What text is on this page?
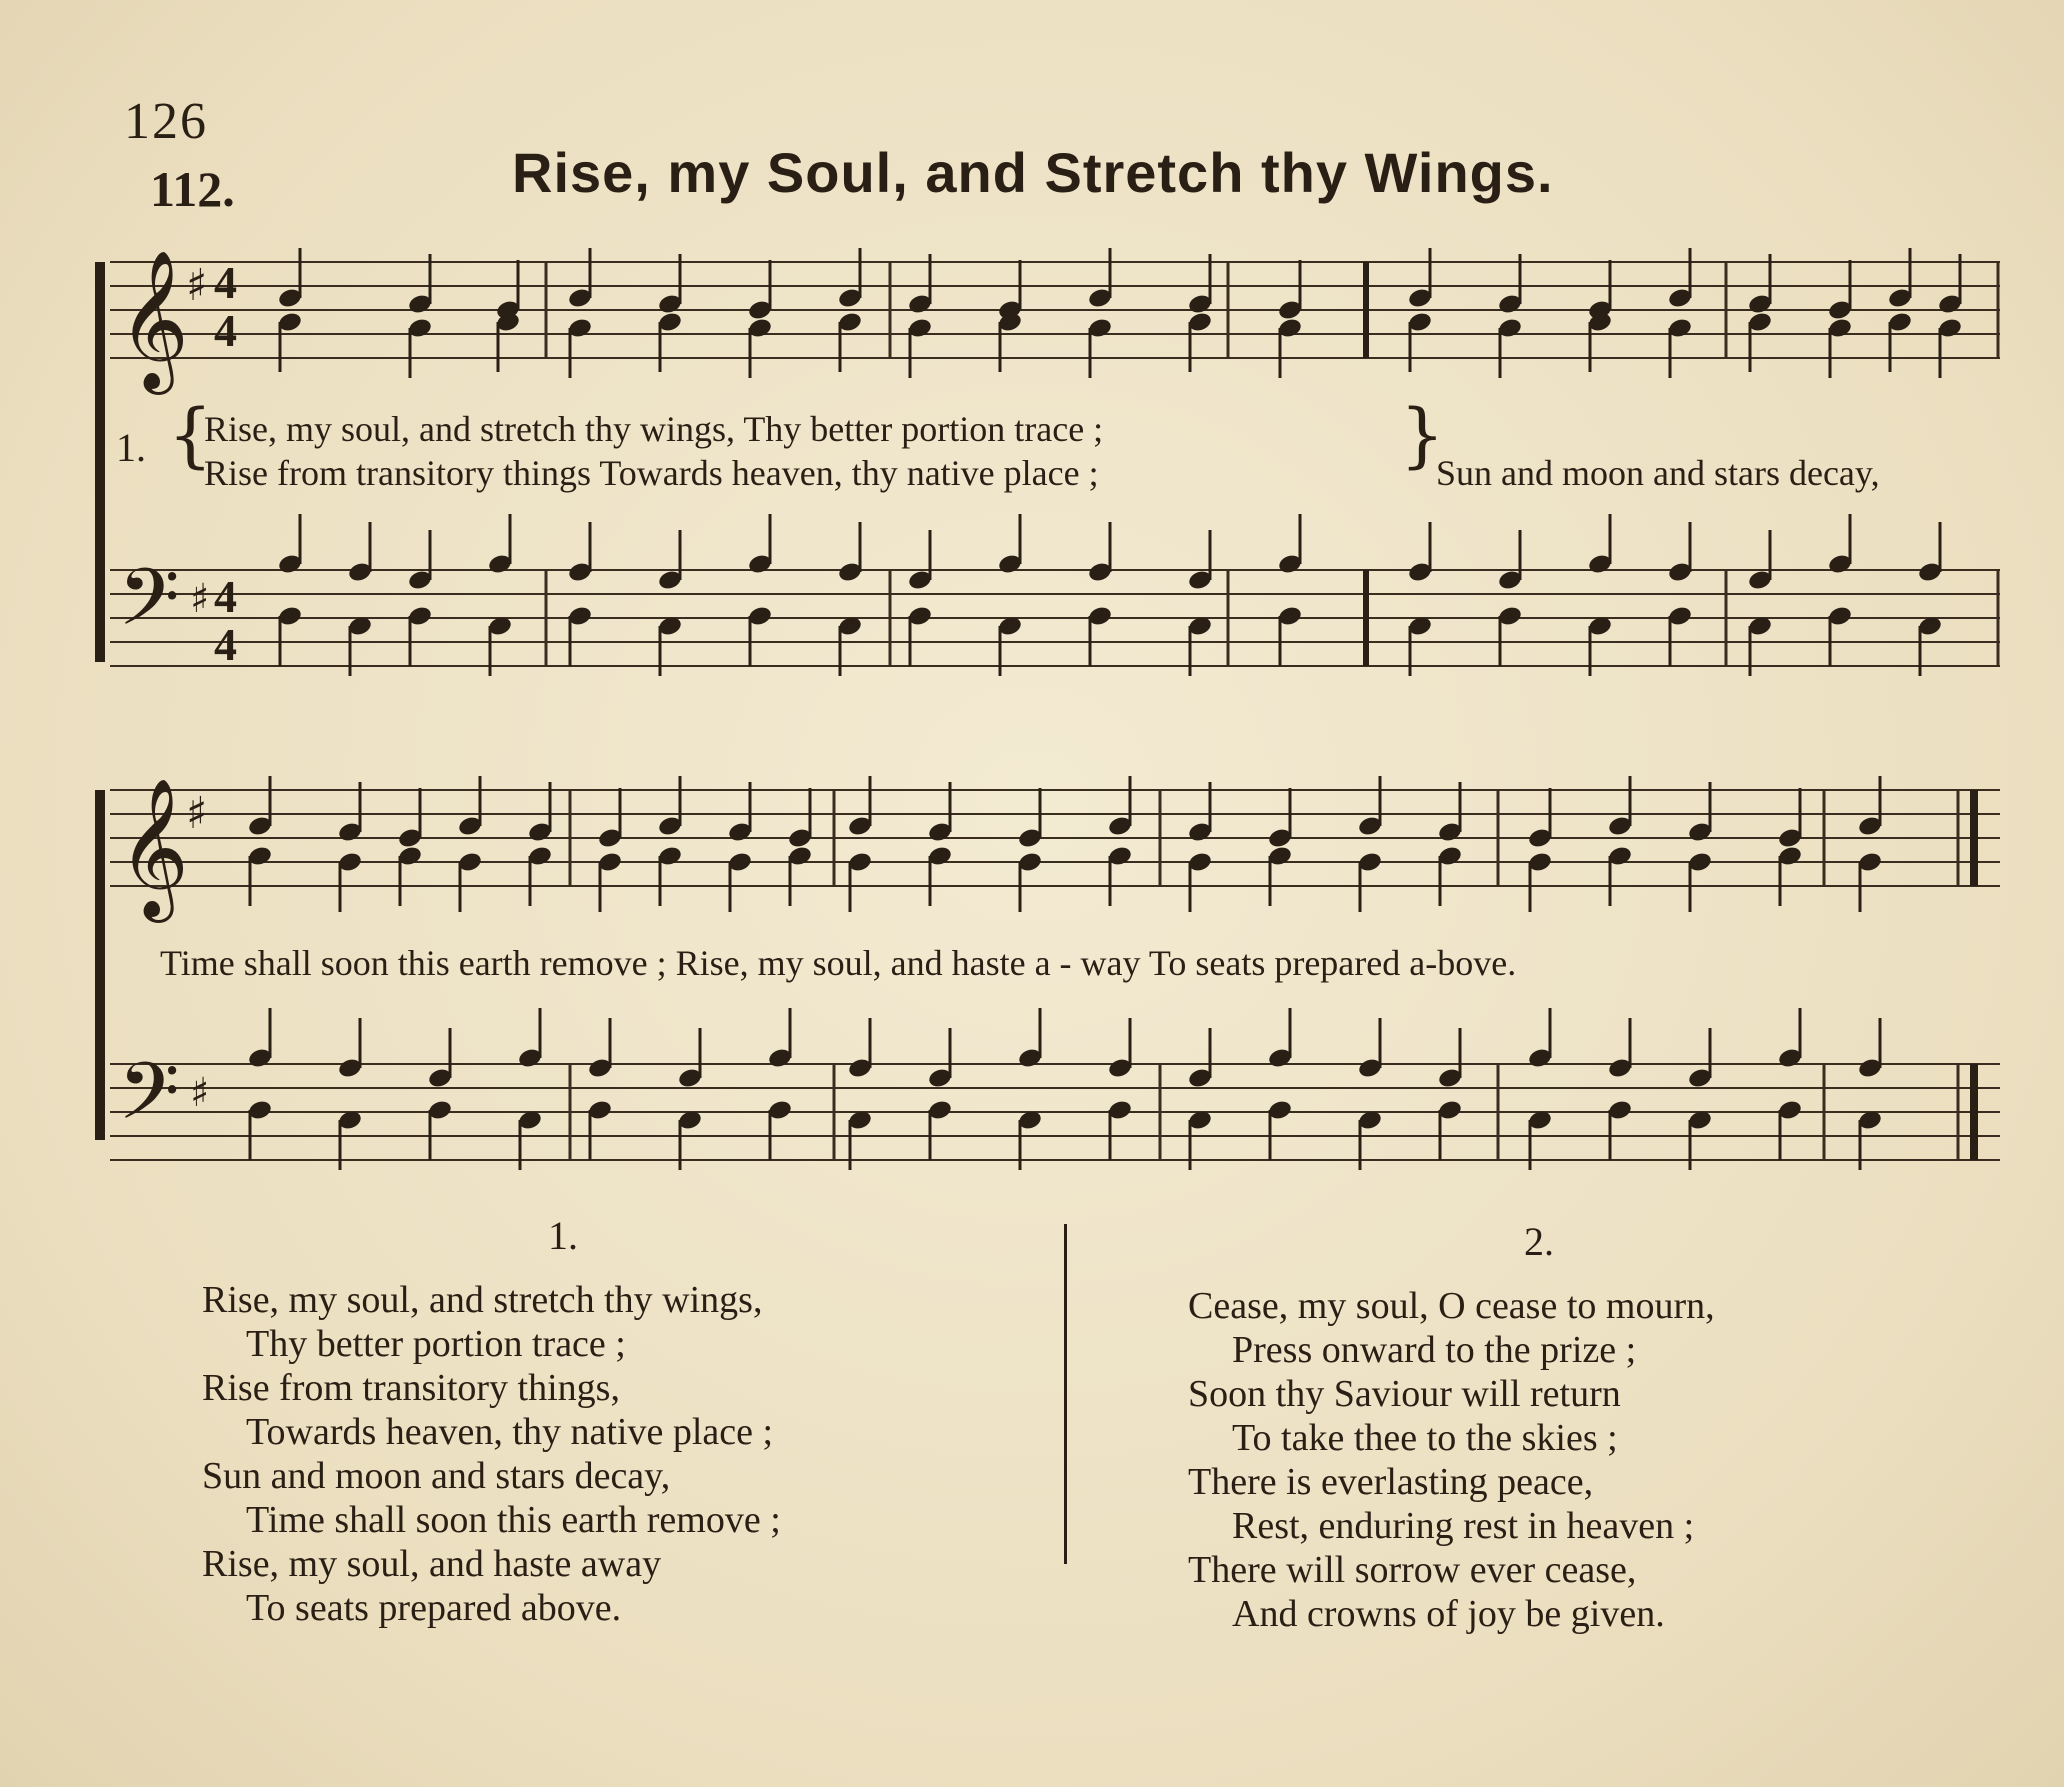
126
112.	Rise, my Soul, and Stretch thy Wings.
𝄞
♯ 4
4
𝄢 ♯ 4
4
𝄞
♯
𝄢 ♯
1. {
Rise, my soul, and stretch thy wings, Thy better portion trace ;
Rise from transitory things Towards heaven, thy native place ;	}
Sun and moon and stars decay,
Time shall soon this earth remove ; Rise, my soul, and haste a - way To seats prepared a-bove.
1.
Rise, my soul, and stretch thy wings,
Thy better portion trace ;
Rise from transitory things,
Towards heaven, thy native place ;
Sun and moon and stars decay,
Time shall soon this earth remove ;
Rise, my soul, and haste away
To seats prepared above.
2.
Cease, my soul, O cease to mourn,
Press onward to the prize ;
Soon thy Saviour will return
To take thee to the skies ;
There is everlasting peace,
Rest, enduring rest in heaven ;
There will sorrow ever cease,
And crowns of joy be given.
